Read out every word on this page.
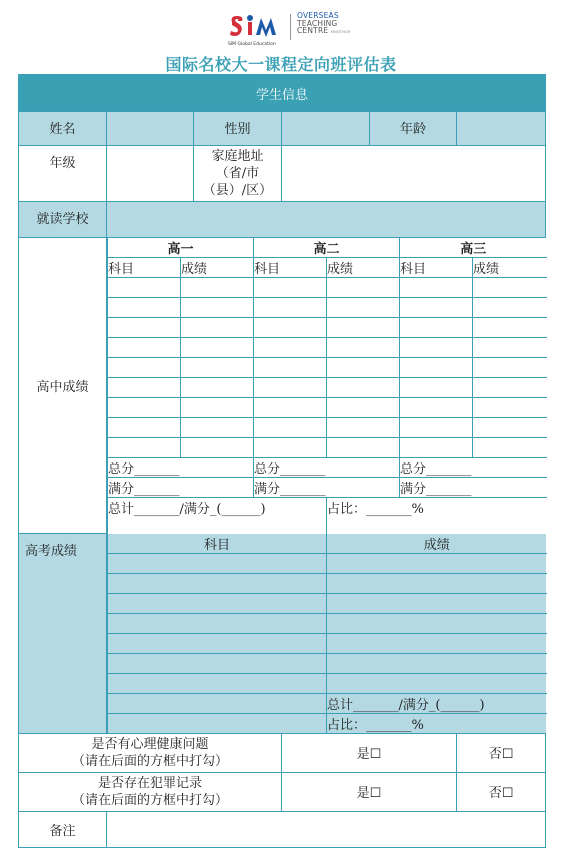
SIM Global Education
OVERSEAS
TEACHING
CENTRE MNGTNGR
国际名校大一课程定向班评估表
学生信息
姓名		性别		年龄	
年级		家庭地址
（省/市
（县）/区）

就读学校	
高中成绩	
高一	高二	高三
科目	成绩	科目	成绩	科目	成绩

总分_______	总分_______	总分_______
满分_______	满分_______	满分_______
总计_______/满分_(______)	占比：_______%

高考成绩		科目	成绩

	总计_______/满分_(______)
	占比：_______%

是否有心理健康问题
（请在后面的方框中打勾）	是☐	否☐

是否存在犯罪记录
（请在后面的方框中打勾）	是☐	否☐
备注	
